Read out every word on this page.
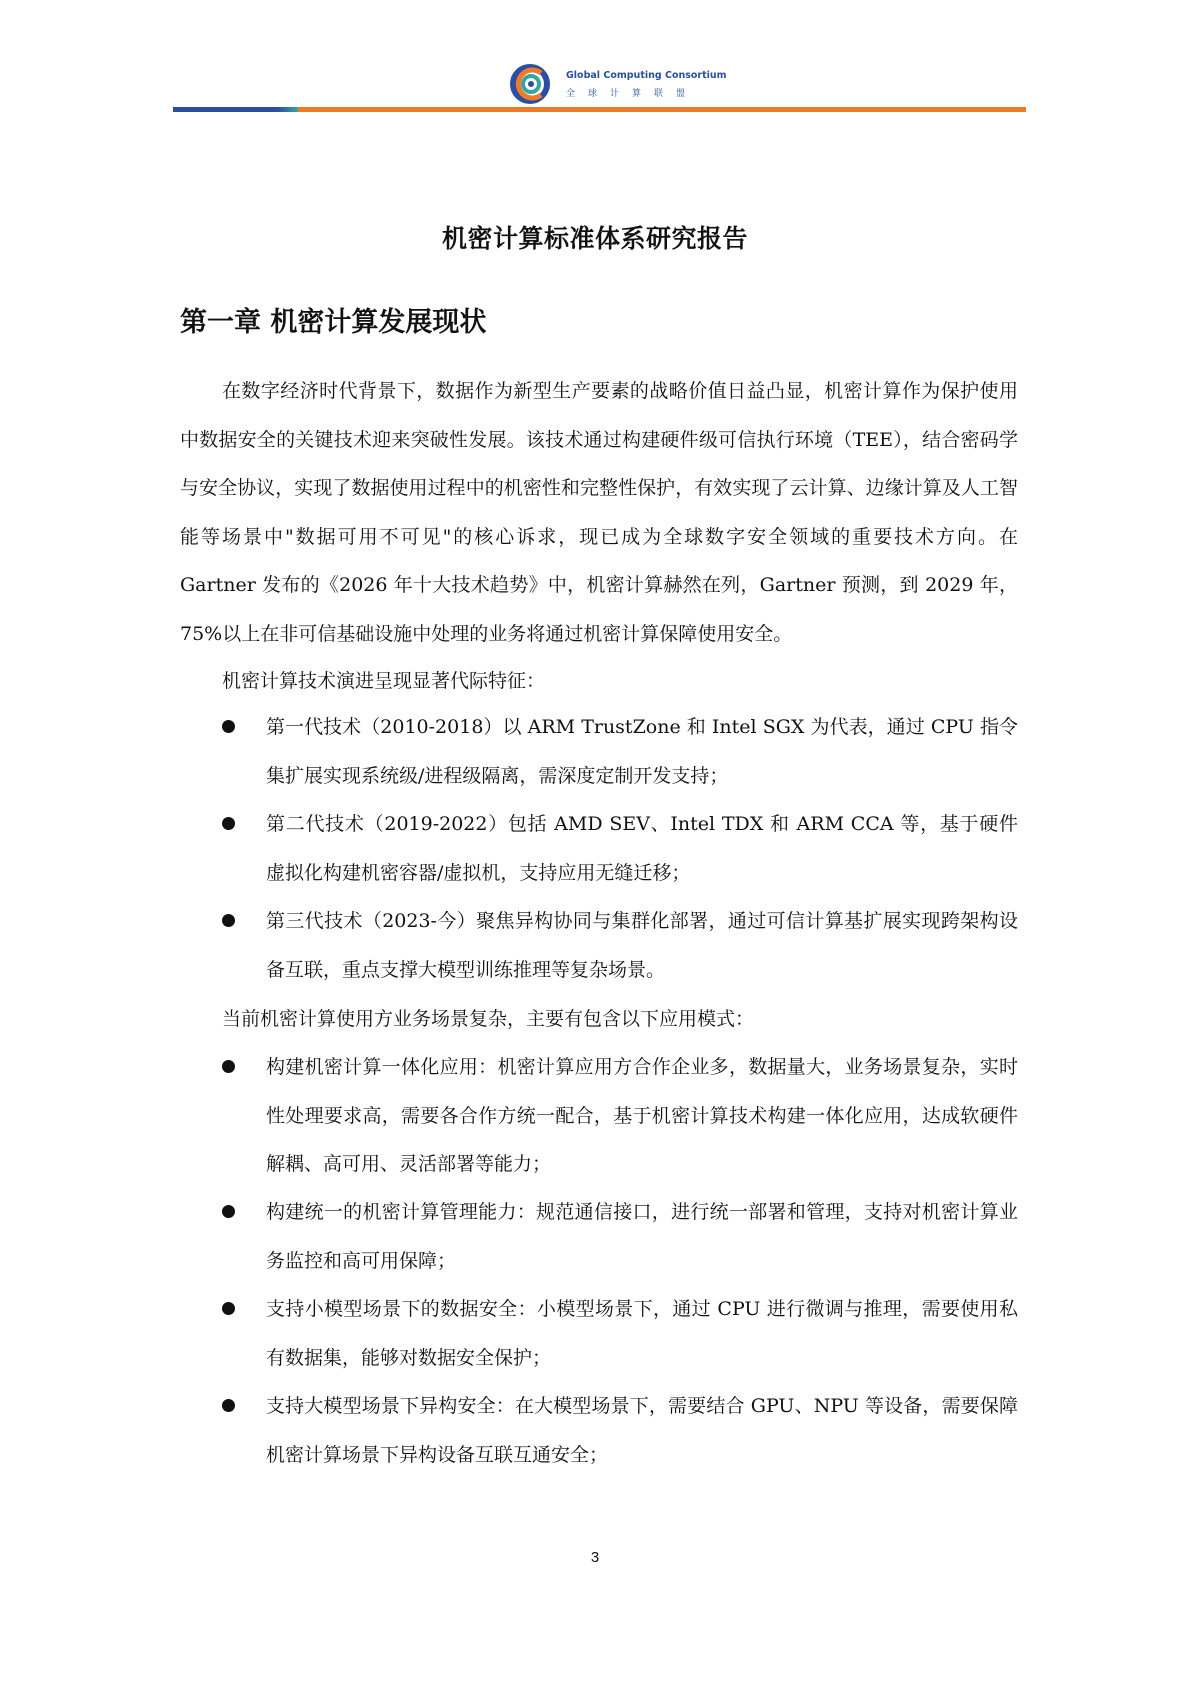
Global Computing Consortium
全球计算联盟
机密计算标准体系研究报告
第一章 机密计算发展现状

在数字经济时代背景下，数据作为新型生产要素的战略价值日益凸显，机密计算作为保护使用中数据安全的关键技术迎来突破性发展。该技术通过构建硬件级可信执行环境（TEE），结合密码学与安全协议，实现了数据使用过程中的机密性和完整性保护，有效实现了云计算、边缘计算及人工智能等场景中"数据可用不可见"的核心诉求，现已成为全球数字安全领域的重要技术方向。在 Gartner 发布的《2026 年十大技术趋势》中，机密计算赫然在列，Gartner 预测，到 2029 年，75%以上在非可信基础设施中处理的业务将通过机密计算保障使用安全。

机密计算技术演进呈现显著代际特征：
第一代技术（2010-2018）以 ARM TrustZone 和 Intel SGX 为代表，通过 CPU 指令集扩展实现系统级/进程级隔离，需深度定制开发支持；
第二代技术（2019-2022）包括 AMD SEV、Intel TDX 和 ARM CCA 等，基于硬件虚拟化构建机密容器/虚拟机，支持应用无缝迁移；
第三代技术（2023-今）聚焦异构协同与集群化部署，通过可信计算基扩展实现跨架构设备互联，重点支撑大模型训练推理等复杂场景。
当前机密计算使用方业务场景复杂，主要有包含以下应用模式：
构建机密计算一体化应用：机密计算应用方合作企业多，数据量大，业务场景复杂，实时性处理要求高，需要各合作方统一配合，基于机密计算技术构建一体化应用，达成软硬件解耦、高可用、灵活部署等能力；
构建统一的机密计算管理能力：规范通信接口，进行统一部署和管理，支持对机密计算业务监控和高可用保障；
支持小模型场景下的数据安全：小模型场景下，通过 CPU 进行微调与推理，需要使用私有数据集，能够对数据安全保护；
支持大模型场景下异构安全：在大模型场景下，需要结合 GPU、NPU 等设备，需要保障机密计算场景下异构设备互联互通安全；
3
